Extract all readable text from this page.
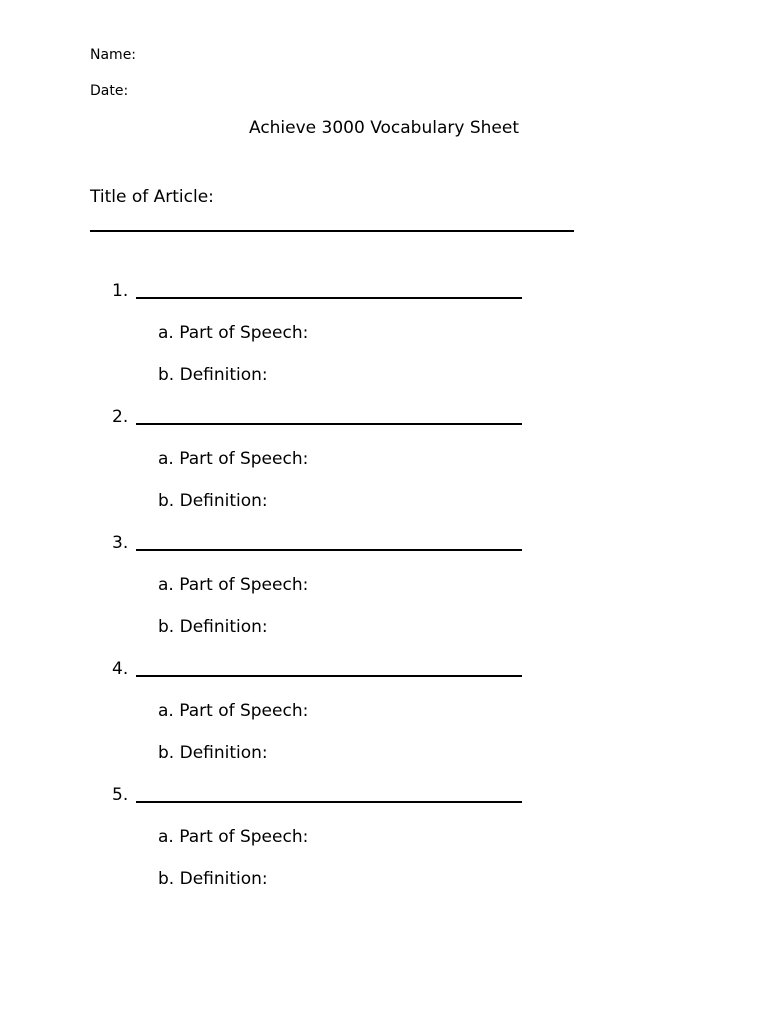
Name:
Date:
Achieve 3000 Vocabulary Sheet
Title of Article:
1.
a. Part of Speech:
b. Definition:
2.
a. Part of Speech:
b. Definition:
3.
a. Part of Speech:
b. Definition:
4.
a. Part of Speech:
b. Definition:
5.
a. Part of Speech:
b. Definition:
